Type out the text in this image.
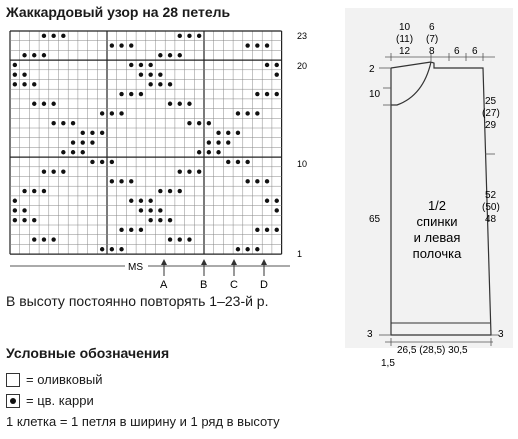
Жаккардовый узор на 28 петель
23
20
10
1
MS
A	B C D
В высоту постоянно повторять 1–23-й р.
Условные обозначения
= оливковый
= цв. карри
1 клетка = 1 петля в ширину и 1 ряд в высоту
10
(11)
12
6
(7)
8 6 6
2
10
65
3
25
(27)
29
52
(50)
48
3
1/2
спинки
и левая
полочка
26,5 (28,5) 30,5
1,5
